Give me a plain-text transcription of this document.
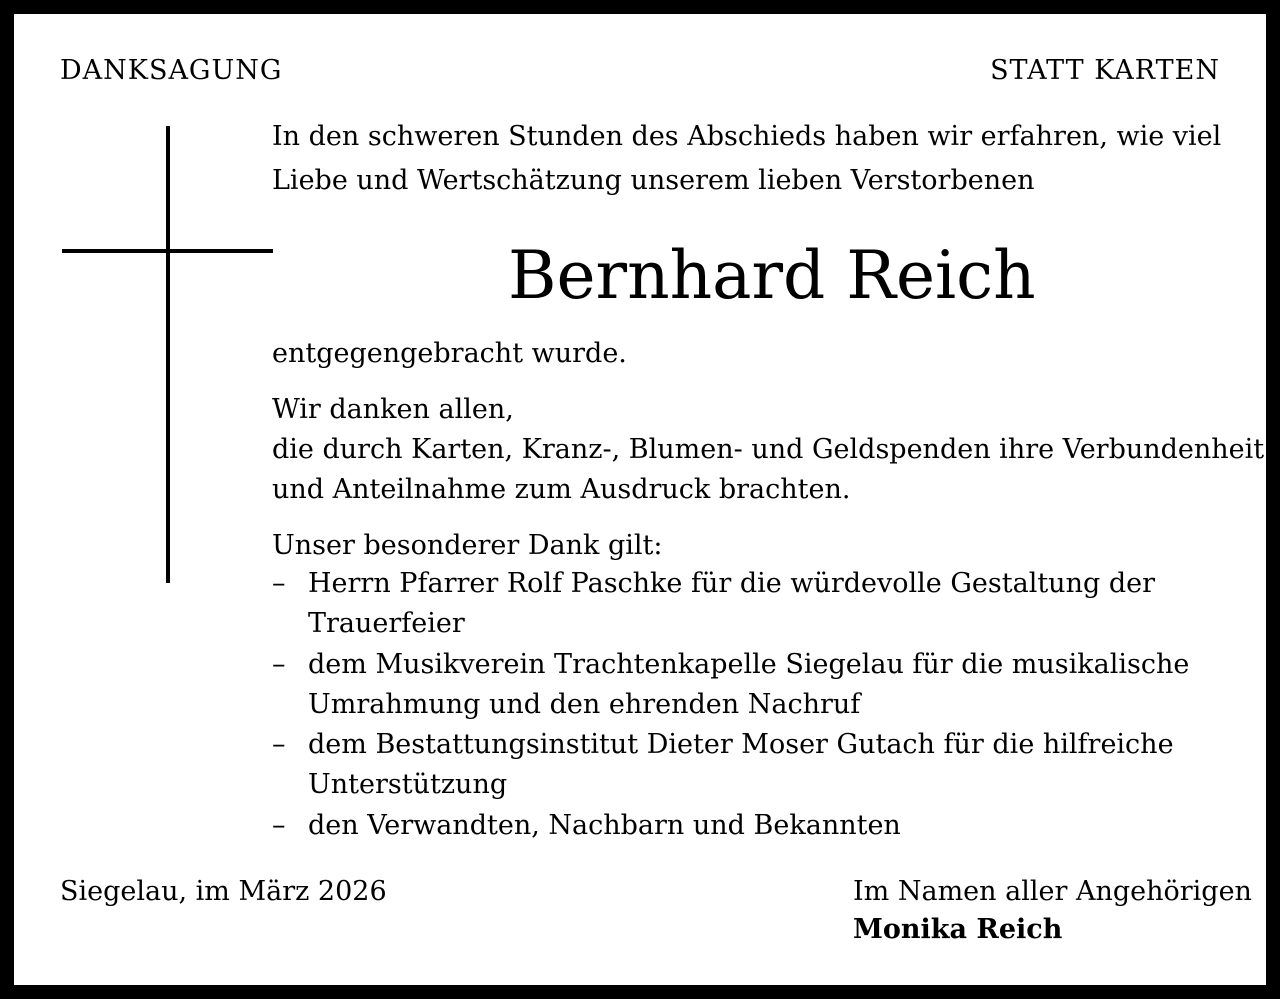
DANKSAGUNG	STATT KARTEN
In den schweren Stunden des Abschieds haben wir erfahren, wie viel
Liebe und Wertschätzung unserem lieben Verstorbenen
Bernhard Reich
entgegengebracht wurde.
Wir danken allen,
die durch Karten, Kranz-, Blumen- und Geldspenden ihre Verbundenheit
und Anteilnahme zum Ausdruck brachten.
Unser besonderer Dank gilt:
– Herrn Pfarrer Rolf Paschke für die würdevolle Gestaltung der
Trauerfeier
– dem Musikverein Trachtenkapelle Siegelau für die musikalische
Umrahmung und den ehrenden Nachruf
– dem Bestattungsinstitut Dieter Moser Gutach für die hilfreiche
Unterstützung
– den Verwandten, Nachbarn und Bekannten
Siegelau, im März 2026	Im Namen aller Angehörigen
Monika Reich
